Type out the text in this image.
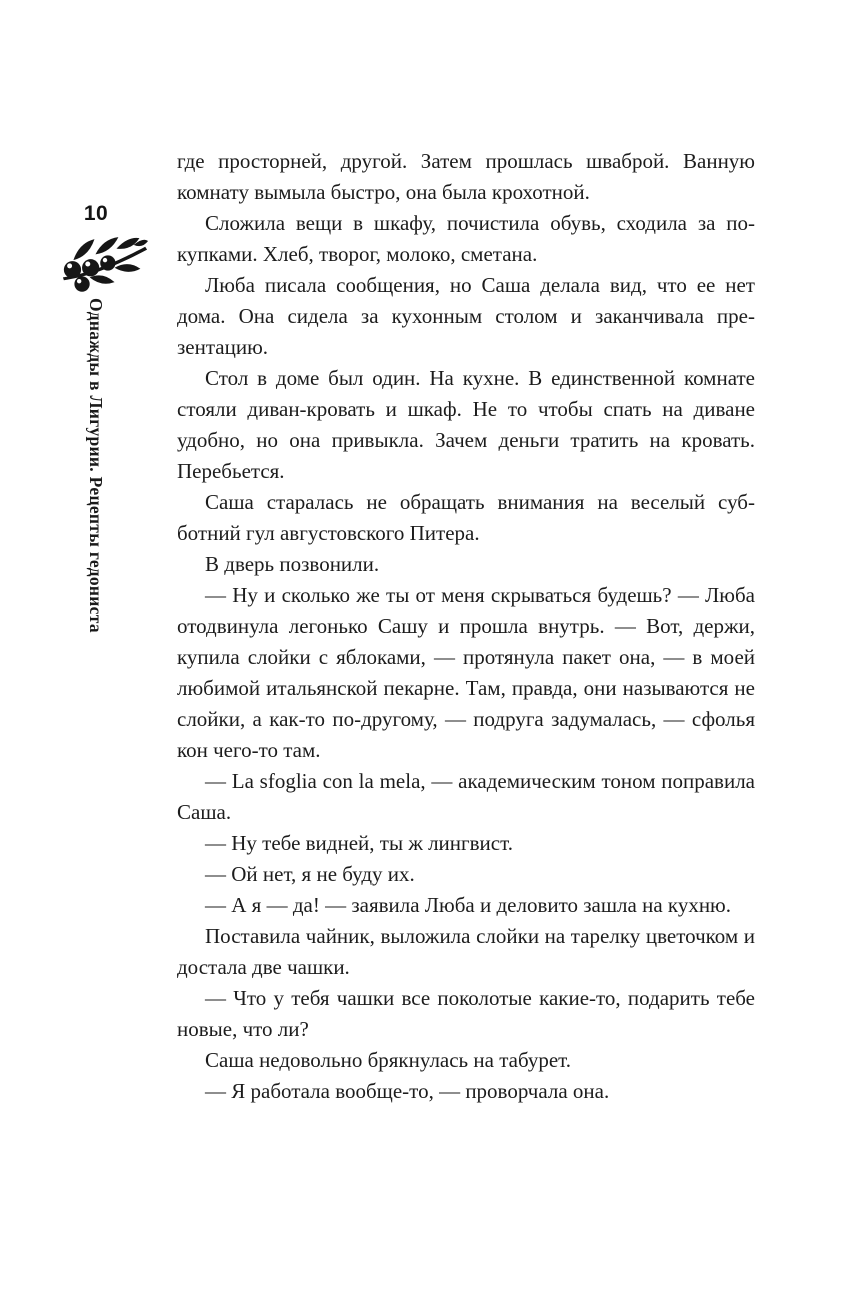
10
Однажды в Лигурии. Рецепты гедониста

где просторней, другой. Затем прошлась шваброй. Ванную комнату вымыла быстро, она была крохотной.

Сложила вещи в шкафу, почистила обувь, сходила за покупками. Хлеб, творог, молоко, сметана.

Люба писала сообщения, но Саша делала вид, что ее нет дома. Она сидела за кухонным столом и заканчивала презентацию.

Стол в доме был один. На кухне. В единственной комнате стояли диван-кровать и шкаф. Не то чтобы спать на диване удобно, но она привыкла. Зачем деньги тратить на кровать. Перебьется.

Саша старалась не обращать внимания на веселый субботний гул августовского Питера.

В дверь позвонили.

— Ну и сколько же ты от меня скрываться будешь? — Люба отодвинула легонько Сашу и прошла внутрь. — Вот, держи, купила слойки с яблоками, — протянула пакет она, — в моей любимой итальянской пекарне. Там, правда, они называются не слойки, а как-то по-другому, — подруга задумалась, — сфолья кон чего-то там.

— La sfoglia con la mela, — академическим тоном поправила Саша.

— Ну тебе видней, ты ж лингвист.

— Ой нет, я не буду их.

— А я — да! — заявила Люба и деловито зашла на кухню.

Поставила чайник, выложила слойки на тарелку цветочком и достала две чашки.

— Что у тебя чашки все поколотые какие-то, подарить тебе новые, что ли?

Саша недовольно брякнулась на табурет.

— Я работала вообще-то, — проворчала она.
